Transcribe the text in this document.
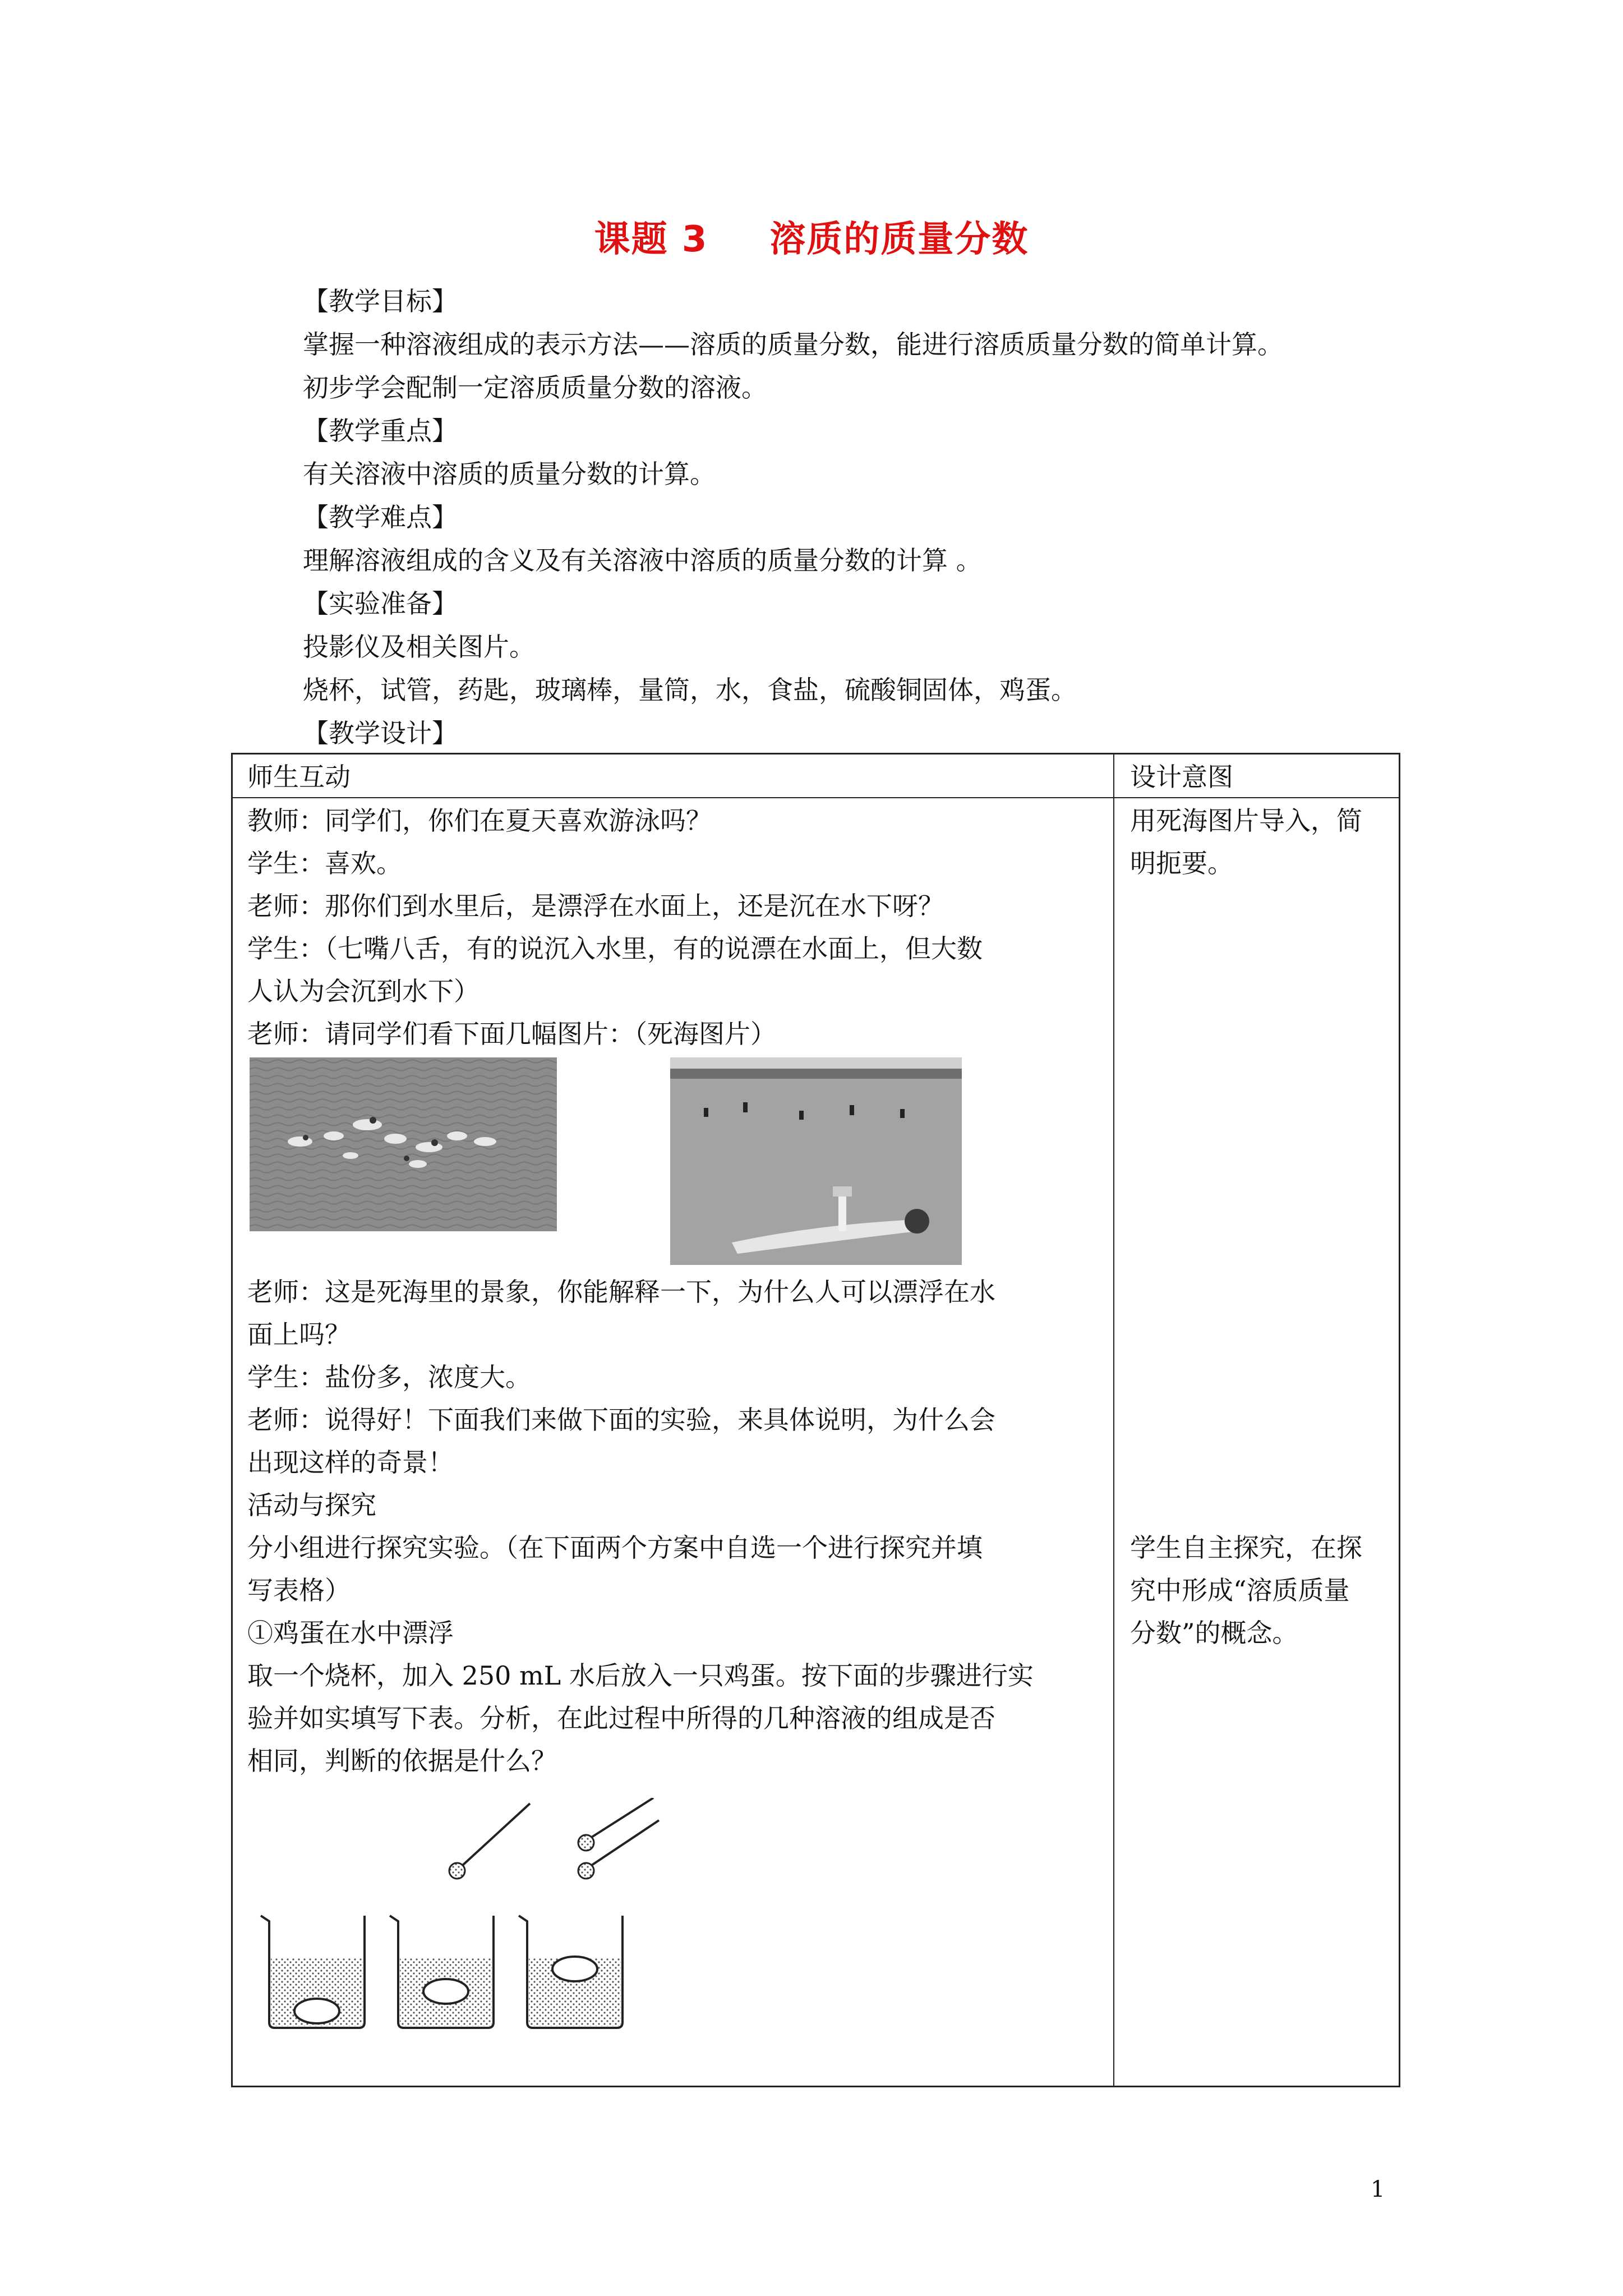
课题 3 溶质的质量分数
【教学目标】
掌握一种溶液组成的表示方法——溶质的质量分数，能进行溶质质量分数的简单计算。
初步学会配制一定溶质质量分数的溶液。
【教学重点】
有关溶液中溶质的质量分数的计算。
【教学难点】
理解溶液组成的含义及有关溶液中溶质的质量分数的计算 。
【实验准备】
投影仪及相关图片。
烧杯，试管，药匙，玻璃棒，量筒，水，食盐，硫酸铜固体，鸡蛋。
【教学设计】
师生互动	设计意图
教师：同学们，你们在夏天喜欢游泳吗？
学生：喜欢。
老师：那你们到水里后，是漂浮在水面上，还是沉在水下呀？
学生：（七嘴八舌，有的说沉入水里，有的说漂在水面上，但大数
人认为会沉到水下）
老师：请同学们看下面几幅图片：（死海图片）
老师：这是死海里的景象，你能解释一下，为什么人可以漂浮在水
面上吗？
学生：盐份多，浓度大。
老师：说得好！下面我们来做下面的实验，来具体说明，为什么会
出现这样的奇景！
活动与探究
分小组进行探究实验。（在下面两个方案中自选一个进行探究并填
写表格）
①鸡蛋在水中漂浮
取一个烧杯，加入 250 mL 水后放入一只鸡蛋。按下面的步骤进行实
验并如实填写下表。分析，在此过程中所得的几种溶液的组成是否
相同，判断的依据是什么？
用死海图片导入，简
明扼要。
学生自主探究，在探
究中形成“溶质质量
分数”的概念。
1
